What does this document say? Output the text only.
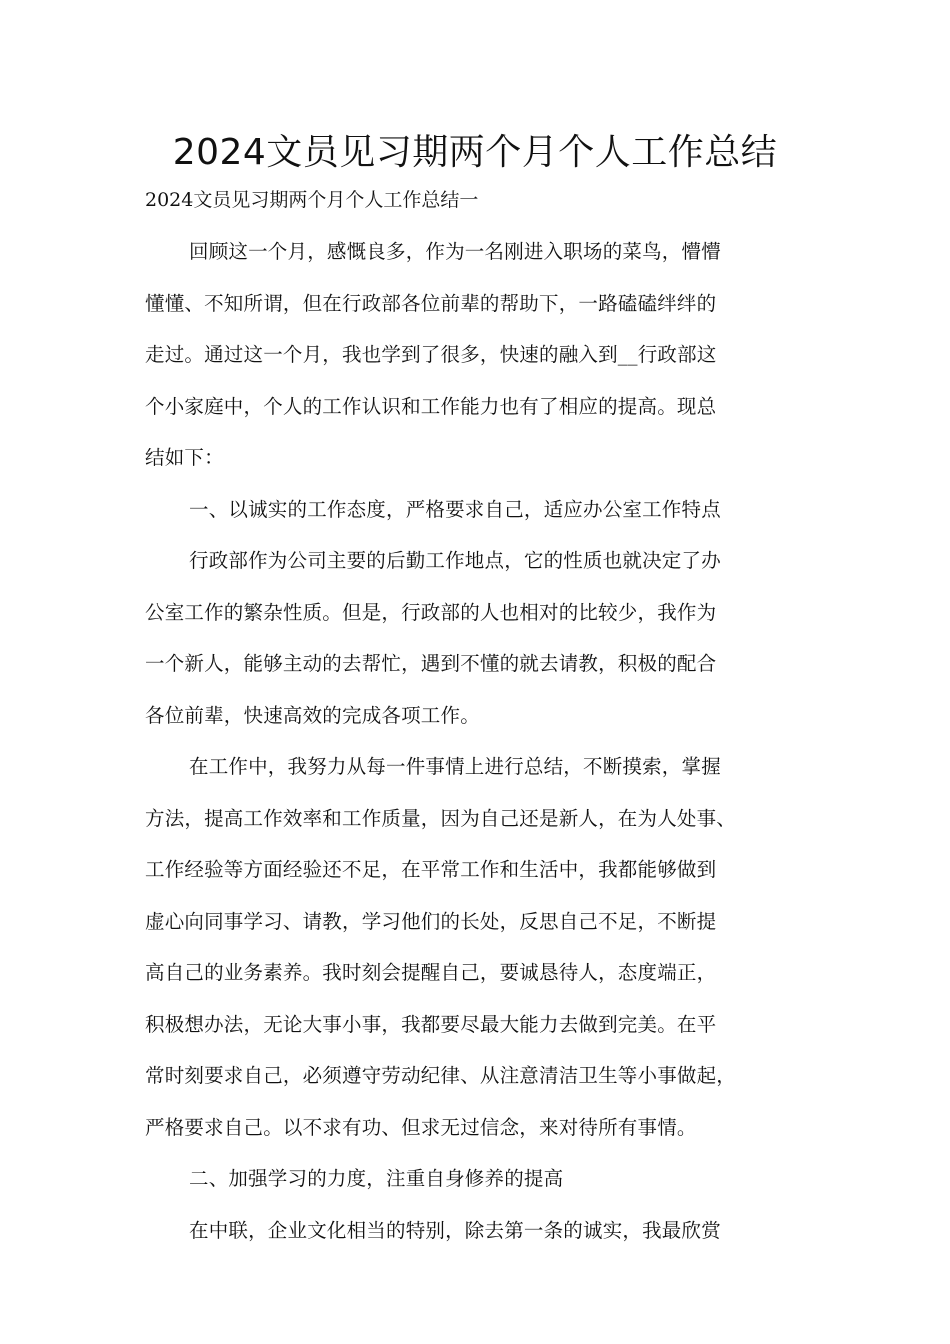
2024文员见习期两个月个人工作总结
2024文员见习期两个月个人工作总结一
回顾这一个月，感慨良多，作为一名刚进入职场的菜鸟，懵懵
懂懂、不知所谓，但在行政部各位前辈的帮助下，一路磕磕绊绊的
走过。通过这一个月，我也学到了很多，快速的融入到__行政部这
个小家庭中，个人的工作认识和工作能力也有了相应的提高。现总
结如下：
一、以诚实的工作态度，严格要求自己，适应办公室工作特点
行政部作为公司主要的后勤工作地点，它的性质也就决定了办
公室工作的繁杂性质。但是，行政部的人也相对的比较少，我作为
一个新人，能够主动的去帮忙，遇到不懂的就去请教，积极的配合
各位前辈，快速高效的完成各项工作。
在工作中，我努力从每一件事情上进行总结，不断摸索，掌握
方法，提高工作效率和工作质量，因为自己还是新人，在为人处事、
工作经验等方面经验还不足，在平常工作和生活中，我都能够做到
虚心向同事学习、请教，学习他们的长处，反思自己不足，不断提
高自己的业务素养。我时刻会提醒自己，要诚恳待人，态度端正，
积极想办法，无论大事小事，我都要尽最大能力去做到完美。在平
常时刻要求自己，必须遵守劳动纪律、从注意清洁卫生等小事做起，
严格要求自己。以不求有功、但求无过信念，来对待所有事情。
二、加强学习的力度，注重自身修养的提高
在中联，企业文化相当的特别，除去第一条的诚实，我最欣赏
